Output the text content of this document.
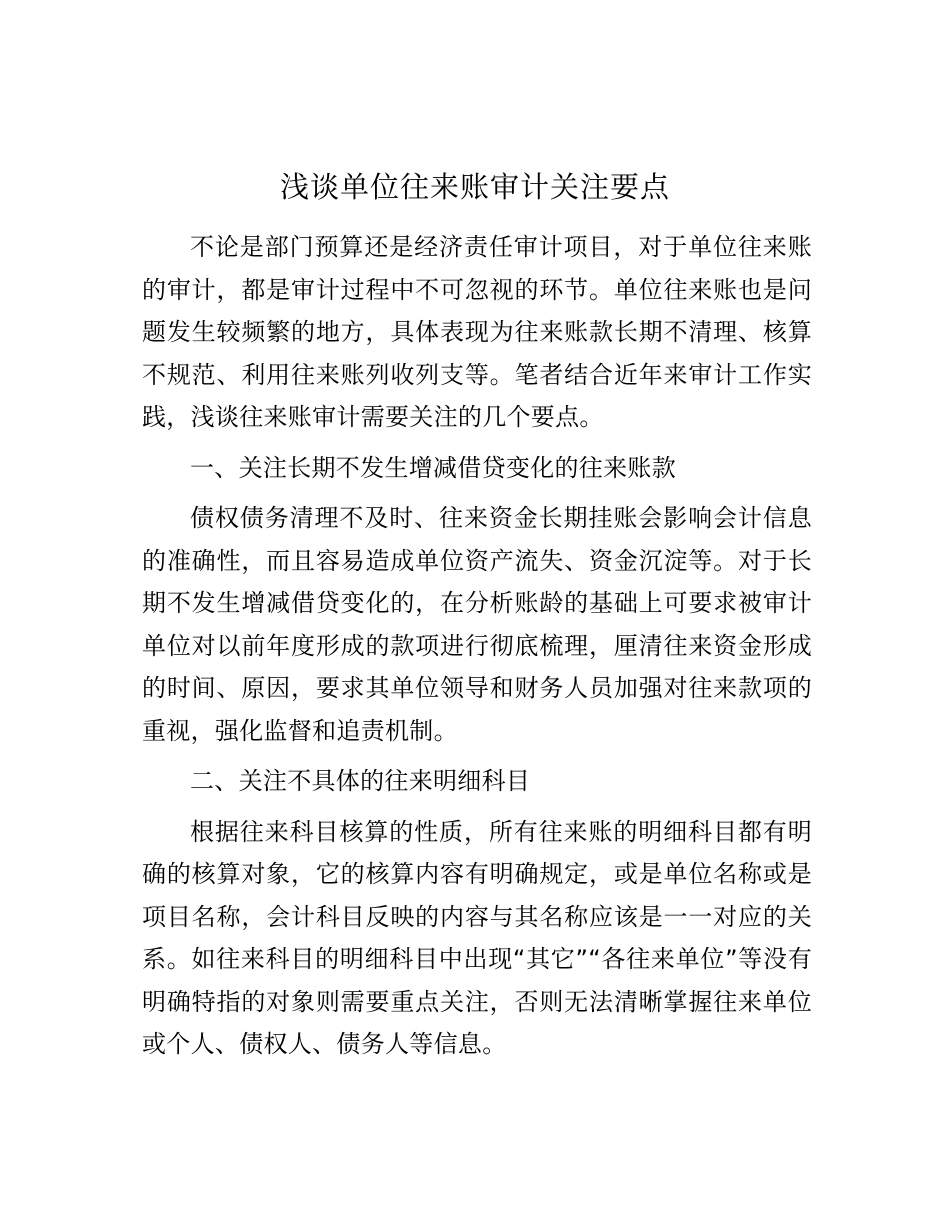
浅谈单位往来账审计关注要点

不论是部门预算还是经济责任审计项目，对于单位往来账的审计，都是审计过程中不可忽视的环节。单位往来账也是问题发生较频繁的地方，具体表现为往来账款长期不清理、核算不规范、利用往来账列收列支等。笔者结合近年来审计工作实践，浅谈往来账审计需要关注的几个要点。

一、关注长期不发生增减借贷变化的往来账款

债权债务清理不及时、往来资金长期挂账会影响会计信息的准确性，而且容易造成单位资产流失、资金沉淀等。对于长期不发生增减借贷变化的，在分析账龄的基础上可要求被审计单位对以前年度形成的款项进行彻底梳理，厘清往来资金形成的时间、原因，要求其单位领导和财务人员加强对往来款项的重视，强化监督和追责机制。

二、关注不具体的往来明细科目

根据往来科目核算的性质，所有往来账的明细科目都有明确的核算对象，它的核算内容有明确规定，或是单位名称或是项目名称，会计科目反映的内容与其名称应该是一一对应的关系。如往来科目的明细科目中出现“其它”“各往来单位”等没有明确特指的对象则需要重点关注，否则无法清晰掌握往来单位或个人、债权人、债务人等信息。
